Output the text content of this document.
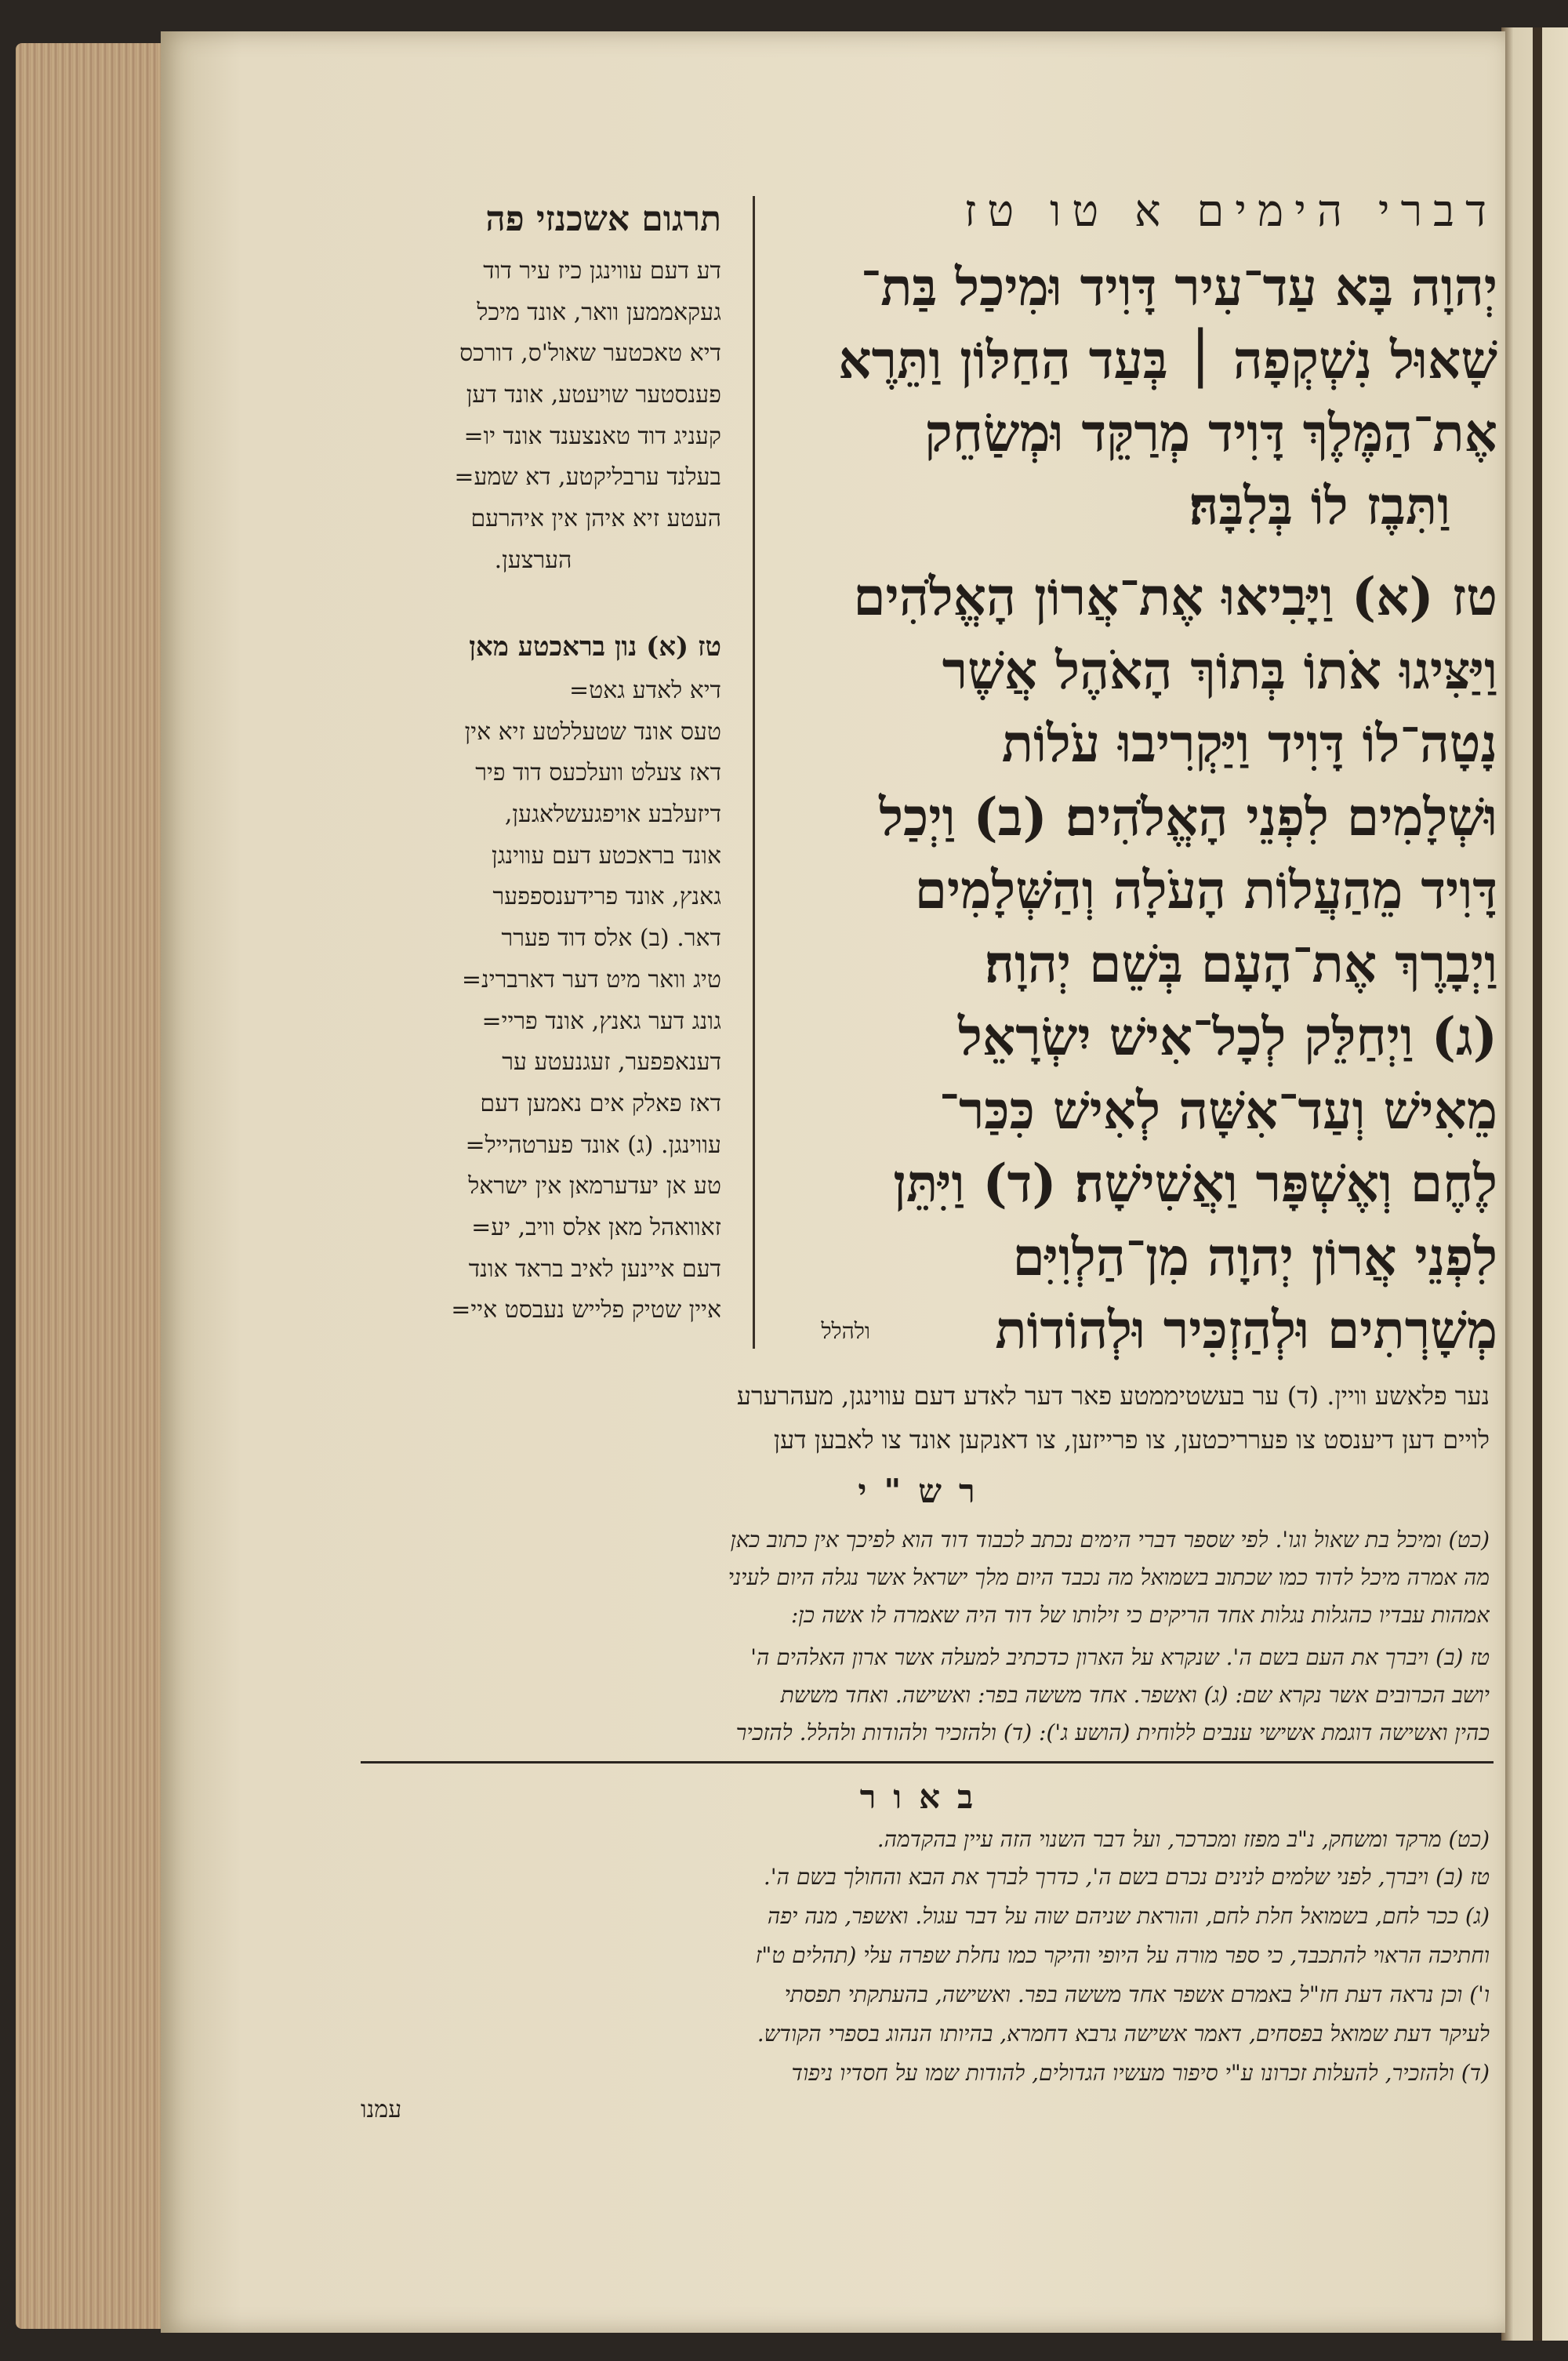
תרגום אשכנזי פה	דברי הימים א טו טז
יְהוָה בָּא עַד־עִיר דָּוִיד וּמִיכַל בַּת־
שָׁאוּל נִשְׁקְפָה ׀ בְּעַד הַחַלּוֹן וַתֵּרֶא
אֶת־הַמֶּלֶךְ דָּוִיד מְרַקֵּד וּמְשַׂחֵק
וַתִּבֶז לוֹ בְּלִבָּהּ׃
טז (א) וַיָּבִיאוּ אֶת־אֲרוֹן הָאֱלֹהִים
וַיַּצִּיגוּ אֹתוֹ בְּתוֹךְ הָאֹהֶל אֲשֶׁר
נָטָה־לוֹ דָּוִיד וַיַּקְרִיבוּ עֹלוֹת
וּשְׁלָמִים לִפְנֵי הָאֱלֹהִים׃ (ב) וַיְכַל
דָּוִיד מֵהַעֲלוֹת הָעֹלָה וְהַשְּׁלָמִים
וַיְבָרֶךְ אֶת־הָעָם בְּשֵׁם יְהוָה׃
(ג) וַיְחַלֵּק לְכָל־אִישׁ יִשְׂרָאֵל
מֵאִישׁ וְעַד־אִשָּׁה לְאִישׁ כִּכַּר־
לֶחֶם וְאֶשְׁפָּר וַאֲשִׁישָׁה׃ (ד) וַיִּתֵּן
לִפְנֵי אֲרוֹן יְהוָה מִן־הַלְוִיִּם
מְשָׁרְתִים וּלְהַזְכִּיר וּלְהוֹדוֹת
ולהלל
דע דעם עווינגן כיז עיר דוד
געקאממען וואר, אונד מיכל
דיא טאכטער שאול'ס, דורכס
פענסטער שויעטע, אונד דען
קעניג דוד טאנצענד אונד יו=
בעלנד ערבליקטע, דא שמע=
העטע זיא איהן אין איהרעם
הערצען.
טז (א) נון בראכטע מאן
דיא לאדע גאט=
טעס אונד שטעללטע זיא אין
דאז צעלט וועלכעס דוד פיר
דיזעלבע אויפגעשלאגען,
אונד בראכטע דעם עווינגן
גאנץ, אונד פרידענספפער
דאר. (ב) אלס דוד פערר
טיג וואר מיט דער דארברינ=
גונג דער גאנץ, אונד פריי=
דענאפפער, זעגנעטע ער
דאז פאלק אים נאמען דעם
עווינגן. (ג) אונד פערטהייל=
טע אן יעדערמאן אין ישראל
זאוואהל מאן אלס וויב, יע=
דעם איינען לאיב בראד אונד
איין שטיק פלייש נעבסט איי=
נער פלאשע וויין. (ד) ער בעשטיממטע פאר דער לאדע דעם עווינגן, מעהרערע
לויים דען דיענסט צו פערריכטען, צו פרייזען, צו דאנקען אונד צו לאבען דען
רש"י
(כט) ומיכל בת שאול וגו'. לפי שספר דברי הימים נכתב לכבוד דוד הוא לפיכך אין כתוב כאן
מה אמרה מיכל לדוד כמו שכתוב בשמואל מה נכבד היום מלך ישראל אשר נגלה היום לעיני
אמהות עבדיו כהגלות נגלות אחד הריקים כי זילותו של דוד היה שאמרה לו אשה כן:
טז (ב) ויברך את העם בשם ה'. שנקרא על הארון כדכתיב למעלה אשר ארון האלהים ה'
יושב הכרובים אשר נקרא שם: (ג) ואשפר. אחד מששה בפר: ואשישה. ואחד מששת
כהין ואשישה דוגמת אשישי ענבים ללוחית (הושע ג'): (ד) ולהזכיר ולהודות ולהלל. להזכיר
באור
(כט) מרקד ומשחק, נ"ב מפזז ומכרכר, ועל דבר השנוי הזה עיין בהקדמה.
טז (ב) ויברך, לפני שלמים לנינים נכרם בשם ה', כדרך לברך את הבא והחולך בשם ה'.
(ג) ככר לחם, בשמואל חלת לחם, והוראת שניהם שוה על דבר עגול. ואשפר, מנה יפה
וחתיכה הראוי להתכבד, כי ספר מורה על היופי והיקר כמו נחלת שפרה עלי (תהלים ט"ז
ו') וכן נראה דעת חז"ל באמרם אשפר אחד מששה בפר. ואשישה, בהעתקתי תפסתי
לעיקר דעת שמואל בפסחים, דאמר אשישה גרבא דחמרא, בהיותו הנהוג בספרי הקודש.
(ד) ולהזכיר, להעלות זכרונו ע"י סיפור מעשיו הגדולים, להודות שמו על חסדיו ניפוד
עמנו
